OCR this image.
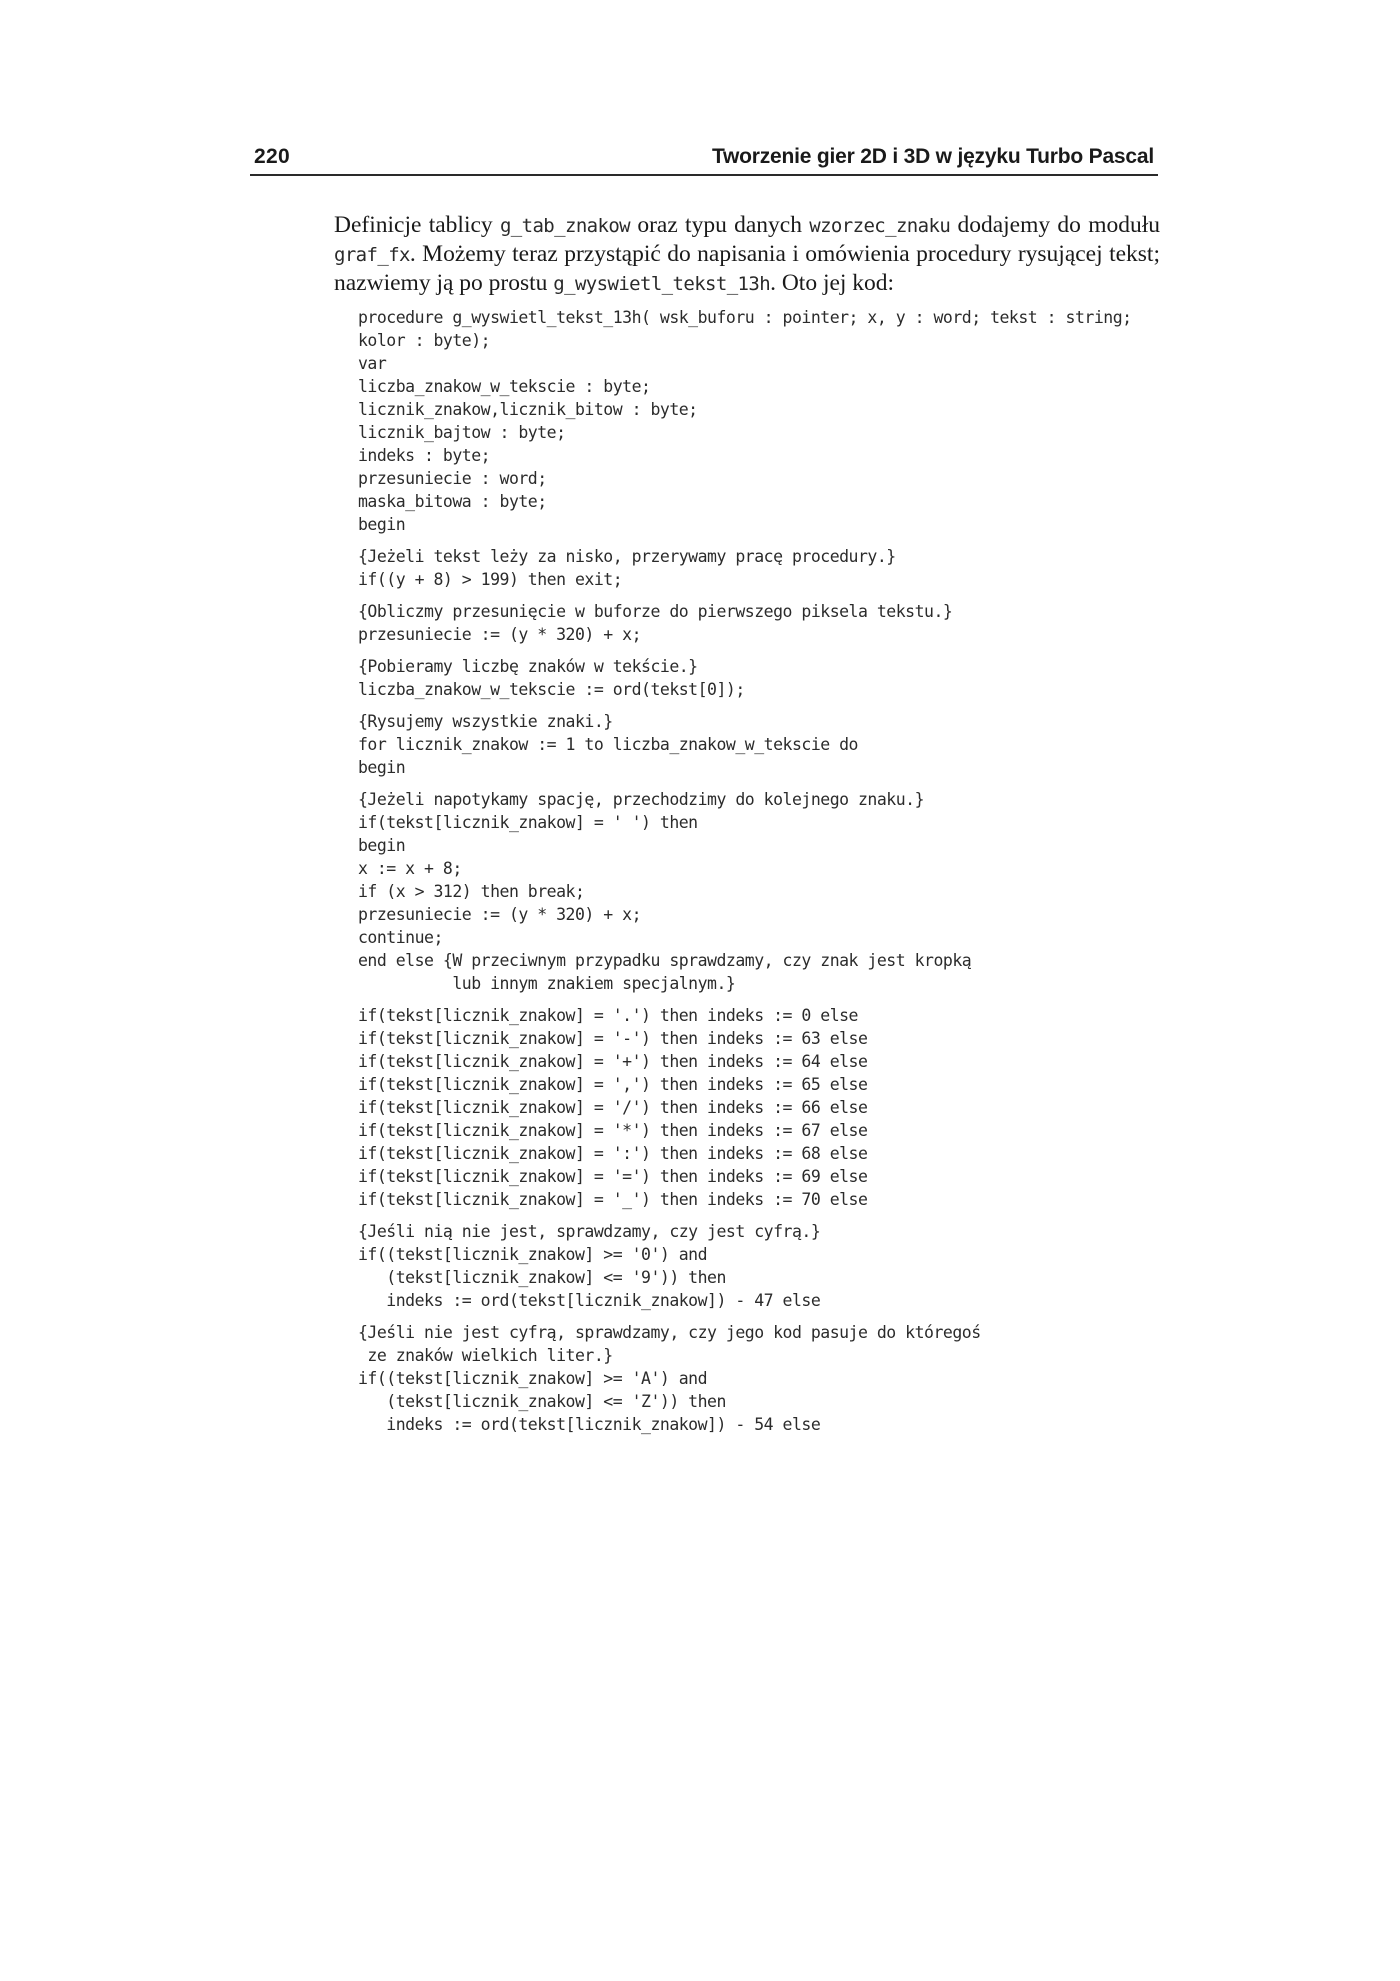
220	Tworzenie gier 2D i 3D w języku Turbo Pascal

Definicje tablicy g_tab_znakow oraz typu danych wzorzec_znaku dodajemy do modułu graf_fx. Możemy teraz przystąpić do napisania i omówienia procedury rysującej tekst; nazwiemy ją po prostu g_wyswietl_tekst_13h. Oto jej kod:

procedure g_wyswietl_tekst_13h( wsk_buforu : pointer; x, y : word; tekst : string;
kolor : byte);
var
liczba_znakow_w_tekscie : byte;
licznik_znakow,licznik_bitow : byte;
licznik_bajtow : byte;
indeks : byte;
przesuniecie : word;
maska_bitowa : byte;
begin

{Jeżeli tekst leży za nisko, przerywamy pracę procedury.}
if((y + 8) > 199) then exit;

{Obliczmy przesunięcie w buforze do pierwszego piksela tekstu.}
przesuniecie := (y * 320) + x;

{Pobieramy liczbę znaków w tekście.}
liczba_znakow_w_tekscie := ord(tekst[0]);

{Rysujemy wszystkie znaki.}
for licznik_znakow := 1 to liczba_znakow_w_tekscie do
begin

{Jeżeli napotykamy spację, przechodzimy do kolejnego znaku.}
if(tekst[licznik_znakow] = ' ') then
begin
x := x + 8;
if (x > 312) then break;
przesuniecie := (y * 320) + x;
continue;
end else {W przeciwnym przypadku sprawdzamy, czy znak jest kropką
lub innym znakiem specjalnym.}

if(tekst[licznik_znakow] = '.') then indeks := 0 else
if(tekst[licznik_znakow] = '-') then indeks := 63 else
if(tekst[licznik_znakow] = '+') then indeks := 64 else
if(tekst[licznik_znakow] = ',') then indeks := 65 else
if(tekst[licznik_znakow] = '/') then indeks := 66 else
if(tekst[licznik_znakow] = '*') then indeks := 67 else
if(tekst[licznik_znakow] = ':') then indeks := 68 else
if(tekst[licznik_znakow] = '=') then indeks := 69 else
if(tekst[licznik_znakow] = '_') then indeks := 70 else

{Jeśli nią nie jest, sprawdzamy, czy jest cyfrą.}
if((tekst[licznik_znakow] >= '0') and
(tekst[licznik_znakow] <= '9')) then
indeks := ord(tekst[licznik_znakow]) - 47 else

{Jeśli nie jest cyfrą, sprawdzamy, czy jego kod pasuje do któregoś
ze znaków wielkich liter.}
if((tekst[licznik_znakow] >= 'A') and
(tekst[licznik_znakow] <= 'Z')) then
indeks := ord(tekst[licznik_znakow]) - 54 else
